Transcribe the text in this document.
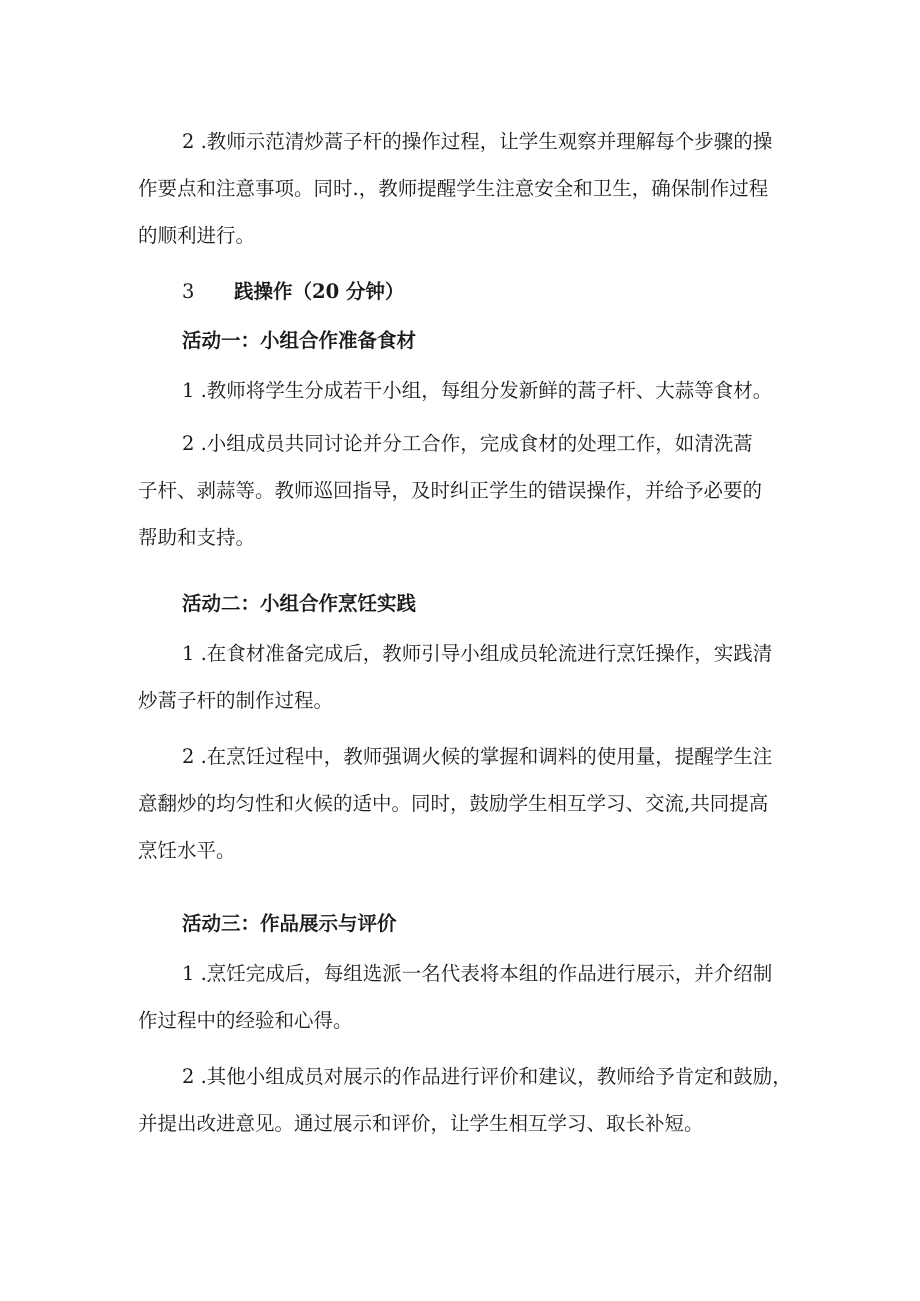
2 .教师示范清炒蒿子杆的操作过程，让学生观察并理解每个步骤的操
作要点和注意事项。同时.，教师提醒学生注意安全和卫生，确保制作过程
的顺利进行。
3 践操作（20 分钟）
活动一：小组合作准备食材
1 .教师将学生分成若干小组，每组分发新鲜的蒿子杆、大蒜等食材。
2 .小组成员共同讨论并分工合作，完成食材的处理工作，如清洗蒿
子杆、剥蒜等。教师巡回指导，及时纠正学生的错误操作，并给予必要的
帮助和支持。
活动二：小组合作烹饪实践
1 .在食材准备完成后，教师引导小组成员轮流进行烹饪操作，实践清
炒蒿子杆的制作过程。
2 .在烹饪过程中，教师强调火候的掌握和调料的使用量，提醒学生注
意翻炒的均匀性和火候的适中。同时，鼓励学生相互学习、交流,共同提高
烹饪水平。
活动三：作品展示与评价
1 .烹饪完成后，每组选派一名代表将本组的作品进行展示，并介绍制
作过程中的经验和心得。
2 .其他小组成员对展示的作品进行评价和建议，教师给予肯定和鼓励，
并提出改进意见。通过展示和评价，让学生相互学习、取长补短。
